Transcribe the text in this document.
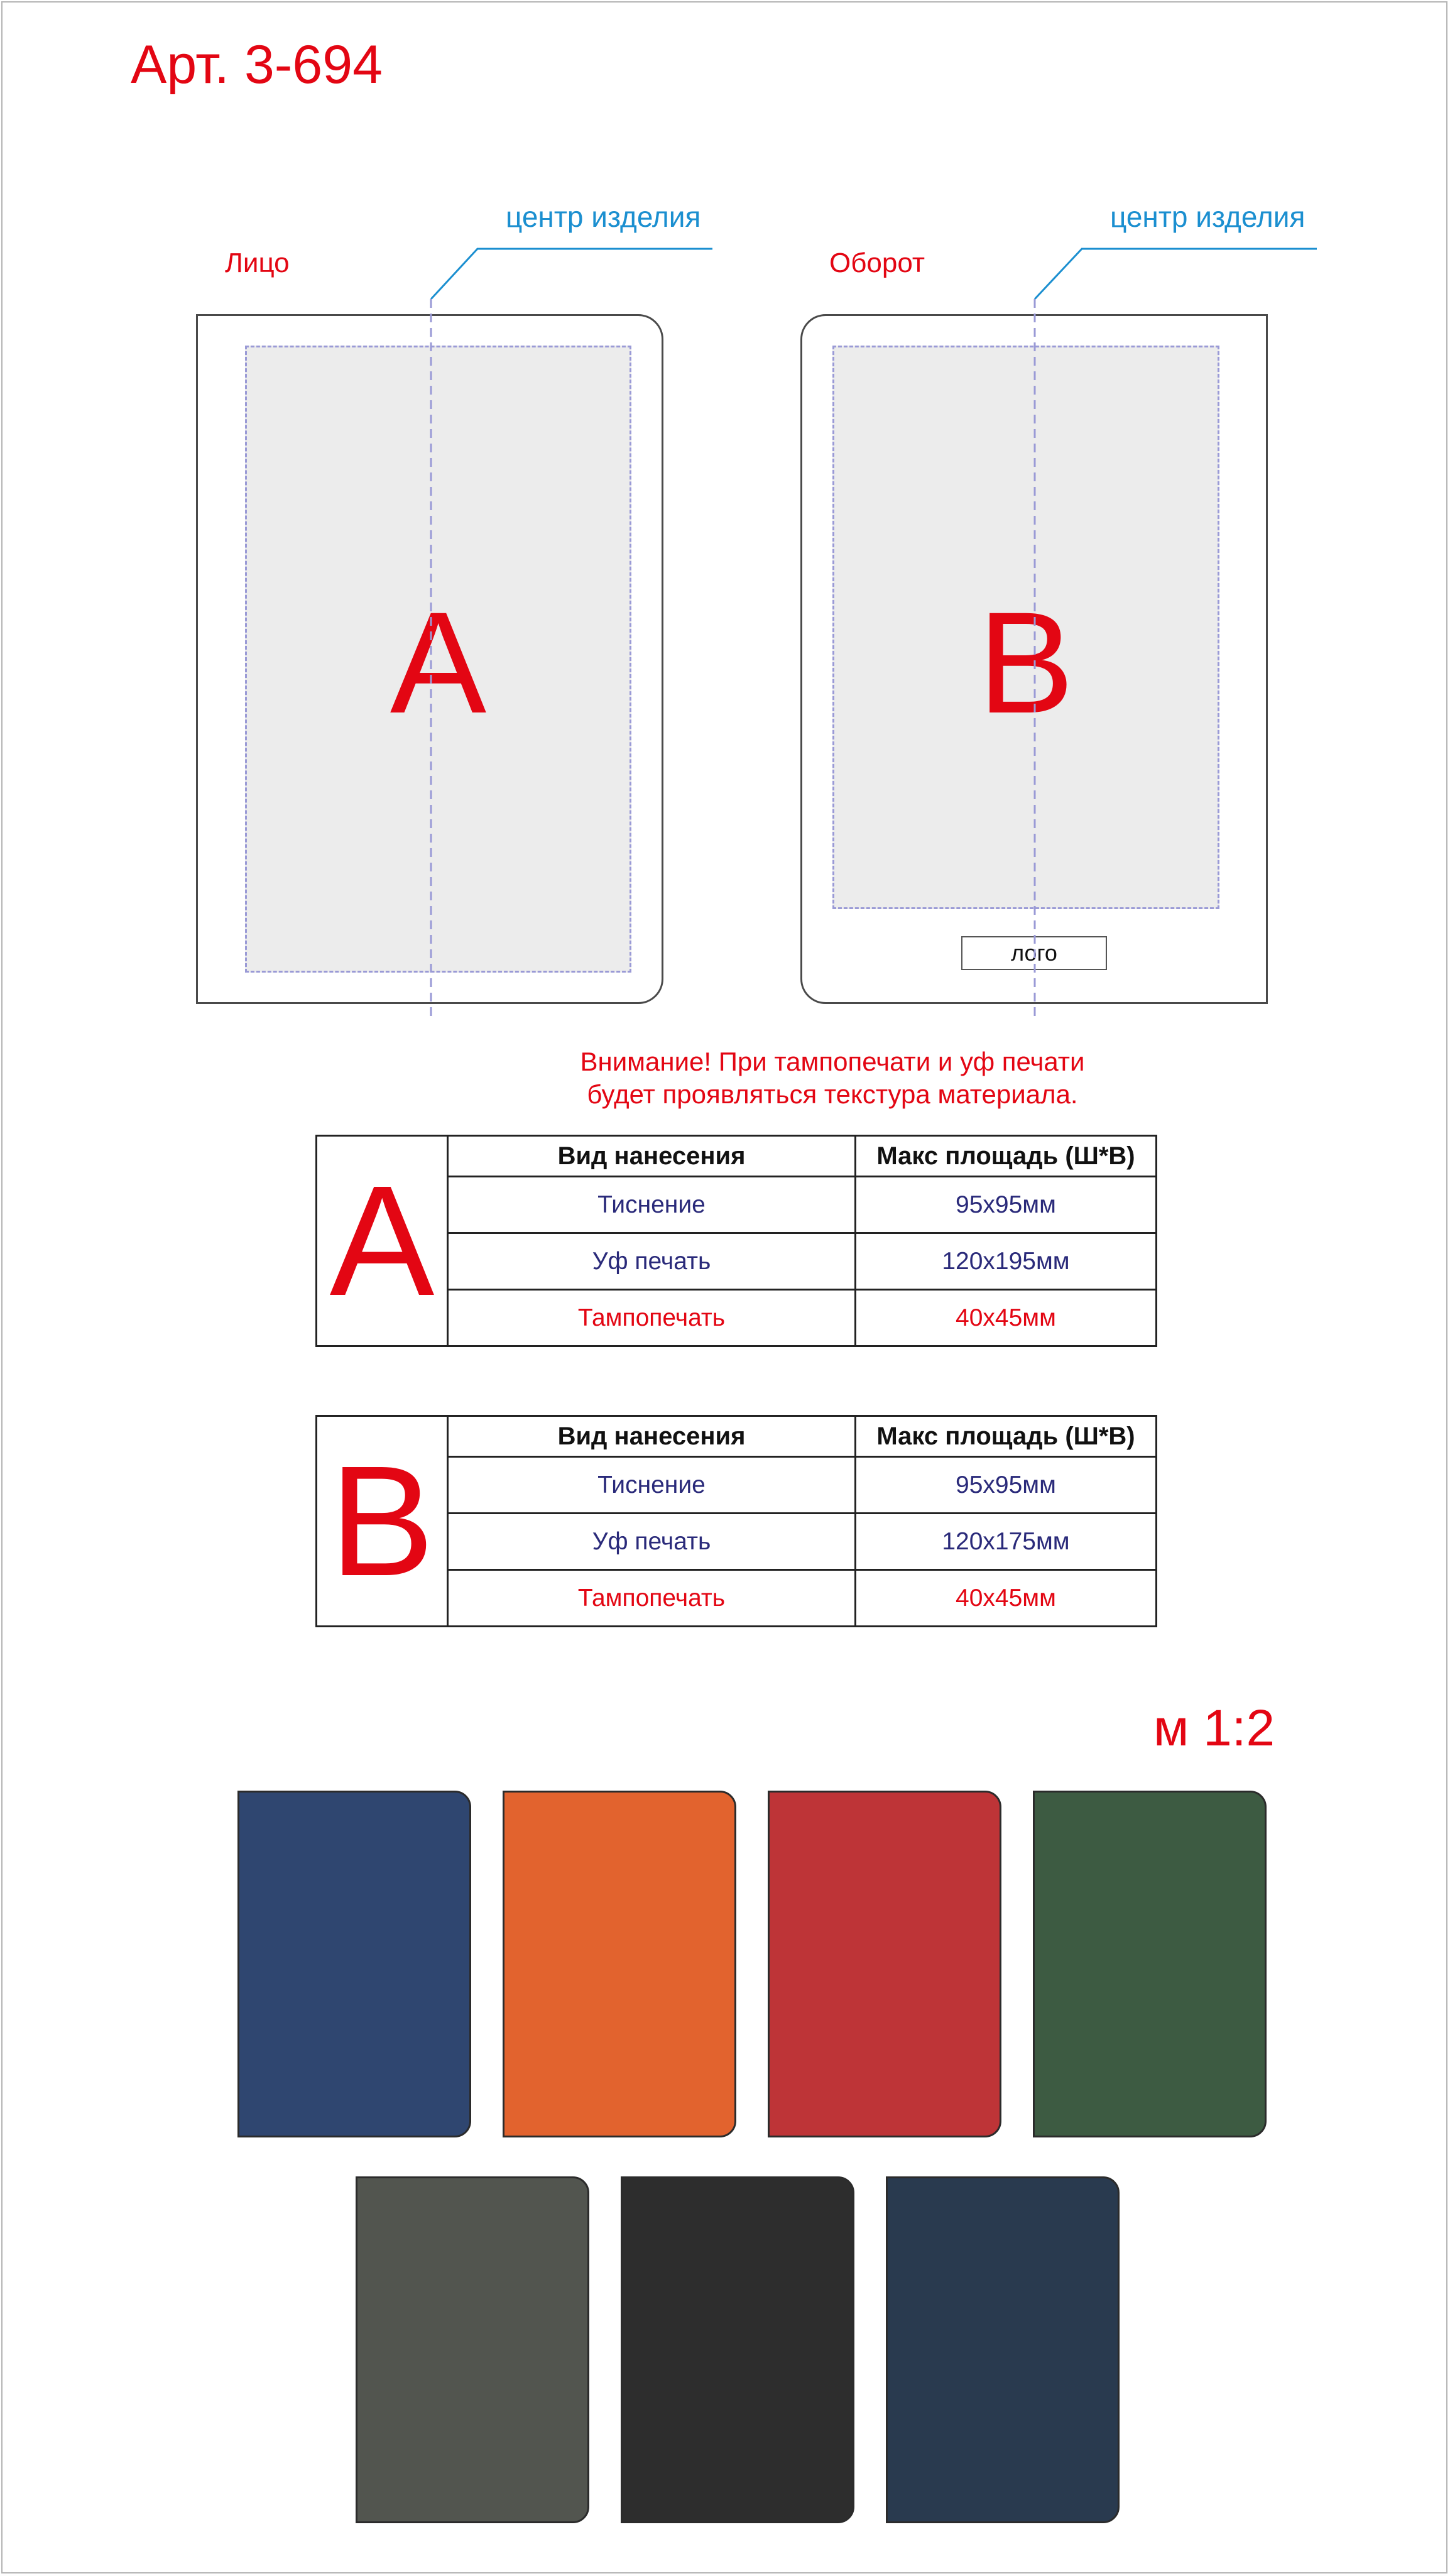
Арт. 3-694
Лицо
центр изделия
A
Оборот
центр изделия
B
лого
Внимание! При тампопечати и уф печати
будет проявляться текстура материала.
A	Вид нанесения	Макс площадь (Ш*В)
	Тиснение	95x95мм
	Уф печать	120x195мм
	Тампопечать	40x45мм
B	Вид нанесения	Макс площадь (Ш*В)
	Тиснение	95x95мм
	Уф печать	120x175мм
	Тампопечать	40x45мм
м 1:2
